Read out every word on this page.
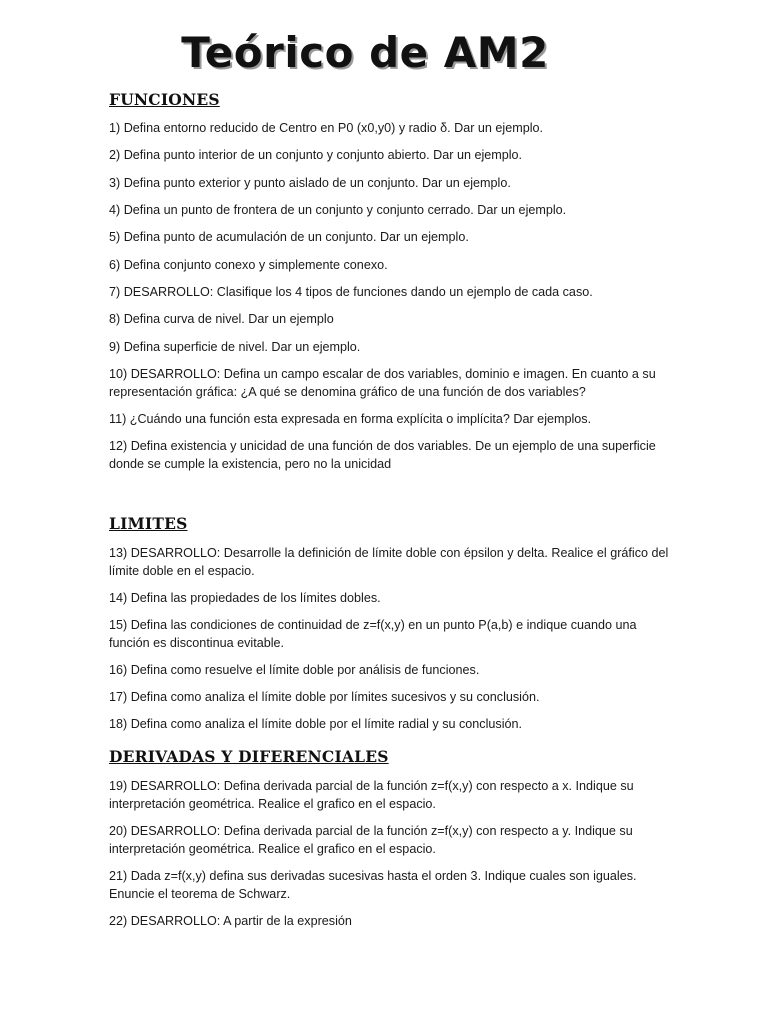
Teórico de AM2
FUNCIONES

1) Defina entorno reducido de Centro en P0 (x0,y0) y radio δ. Dar un ejemplo.

2) Defina punto interior de un conjunto y conjunto abierto. Dar un ejemplo.

3) Defina punto exterior y punto aislado de un conjunto. Dar un ejemplo.

4) Defina un punto de frontera de un conjunto y conjunto cerrado. Dar un ejemplo.

5) Defina punto de acumulación de un conjunto. Dar un ejemplo.

6) Defina conjunto conexo y simplemente conexo.

7) DESARROLLO: Clasifique los 4 tipos de funciones dando un ejemplo de cada caso.

8) Defina curva de nivel. Dar un ejemplo

9) Defina superficie de nivel. Dar un ejemplo.

10) DESARROLLO: Defina un campo escalar de dos variables, dominio e imagen. En cuanto a su representación gráfica: ¿A qué se denomina gráfico de una función de dos variables?

11) ¿Cuándo una función esta expresada en forma explícita o implícita? Dar ejemplos.

12) Defina existencia y unicidad de una función de dos variables. De un ejemplo de una superficie donde se cumple la existencia, pero no la unicidad

LIMITES

13) DESARROLLO: Desarrolle la definición de límite doble con épsilon y delta. Realice el gráfico del límite doble en el espacio.

14) Defina las propiedades de los límites dobles.

15) Defina las condiciones de continuidad de z=f(x,y) en un punto P(a,b) e indique cuando una función es discontinua evitable.

16) Defina como resuelve el límite doble por análisis de funciones.

17) Defina como analiza el límite doble por límites sucesivos y su conclusión.

18) Defina como analiza el límite doble por el límite radial y su conclusión.

DERIVADAS Y DIFERENCIALES

19) DESARROLLO: Defina derivada parcial de la función z=f(x,y) con respecto a x. Indique su interpretación geométrica. Realice el grafico en el espacio.

20) DESARROLLO: Defina derivada parcial de la función z=f(x,y) con respecto a y. Indique su interpretación geométrica. Realice el grafico en el espacio.

21) Dada z=f(x,y) defina sus derivadas sucesivas hasta el orden 3. Indique cuales son iguales. Enuncie el teorema de Schwarz.

22) DESARROLLO: A partir de la expresión
